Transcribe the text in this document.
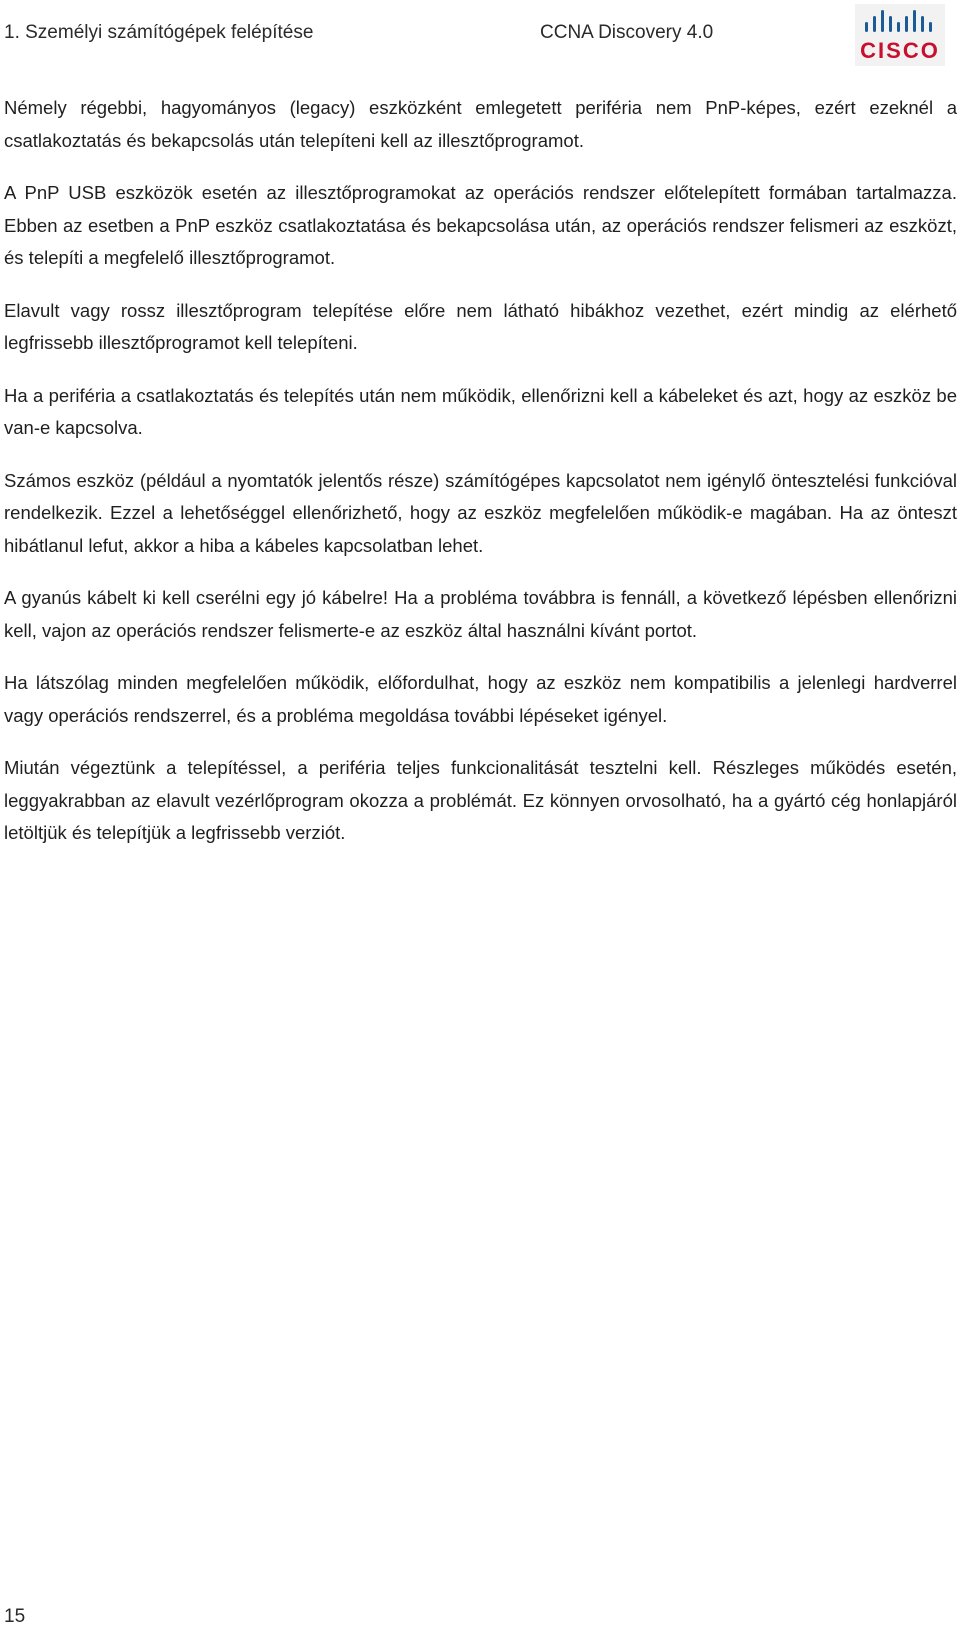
1. Személyi számítógépek felépítése	CCNA Discovery 4.0
CISCO

Némely régebbi, hagyományos (legacy) eszközként emlegetett periféria nem PnP-képes, ezért ezeknél a csatlakoztatás és bekapcsolás után telepíteni kell az illesztőprogramot.

A PnP USB eszközök esetén az illesztőprogramokat az operációs rendszer előtelepített formában tartalmazza. Ebben az esetben a PnP eszköz csatlakoztatása és bekapcsolása után, az operációs rendszer felismeri az eszközt, és telepíti a megfelelő illesztőprogramot.

Elavult vagy rossz illesztőprogram telepítése előre nem látható hibákhoz vezethet, ezért mindig az elérhető legfrissebb illesztőprogramot kell telepíteni.

Ha a periféria a csatlakoztatás és telepítés után nem működik, ellenőrizni kell a kábeleket és azt, hogy az eszköz be van-e kapcsolva.

Számos eszköz (például a nyomtatók jelentős része) számítógépes kapcsolatot nem igénylő öntesztelési funkcióval rendelkezik. Ezzel a lehetőséggel ellenőrizhető, hogy az eszköz megfelelően működik-e magában. Ha az önteszt hibátlanul lefut, akkor a hiba a kábeles kapcsolatban lehet.

A gyanús kábelt ki kell cserélni egy jó kábelre! Ha a probléma továbbra is fennáll, a következő lépésben ellenőrizni kell, vajon az operációs rendszer felismerte-e az eszköz által használni kívánt portot.

Ha látszólag minden megfelelően működik, előfordulhat, hogy az eszköz nem kompatibilis a jelenlegi hardverrel vagy operációs rendszerrel, és a probléma megoldása további lépéseket igényel.

Miután végeztünk a telepítéssel, a periféria teljes funkcionalitását tesztelni kell. Részleges működés esetén, leggyakrabban az elavult vezérlőprogram okozza a problémát. Ez könnyen orvosolható, ha a gyártó cég honlapjáról letöltjük és telepítjük a legfrissebb verziót.

15
